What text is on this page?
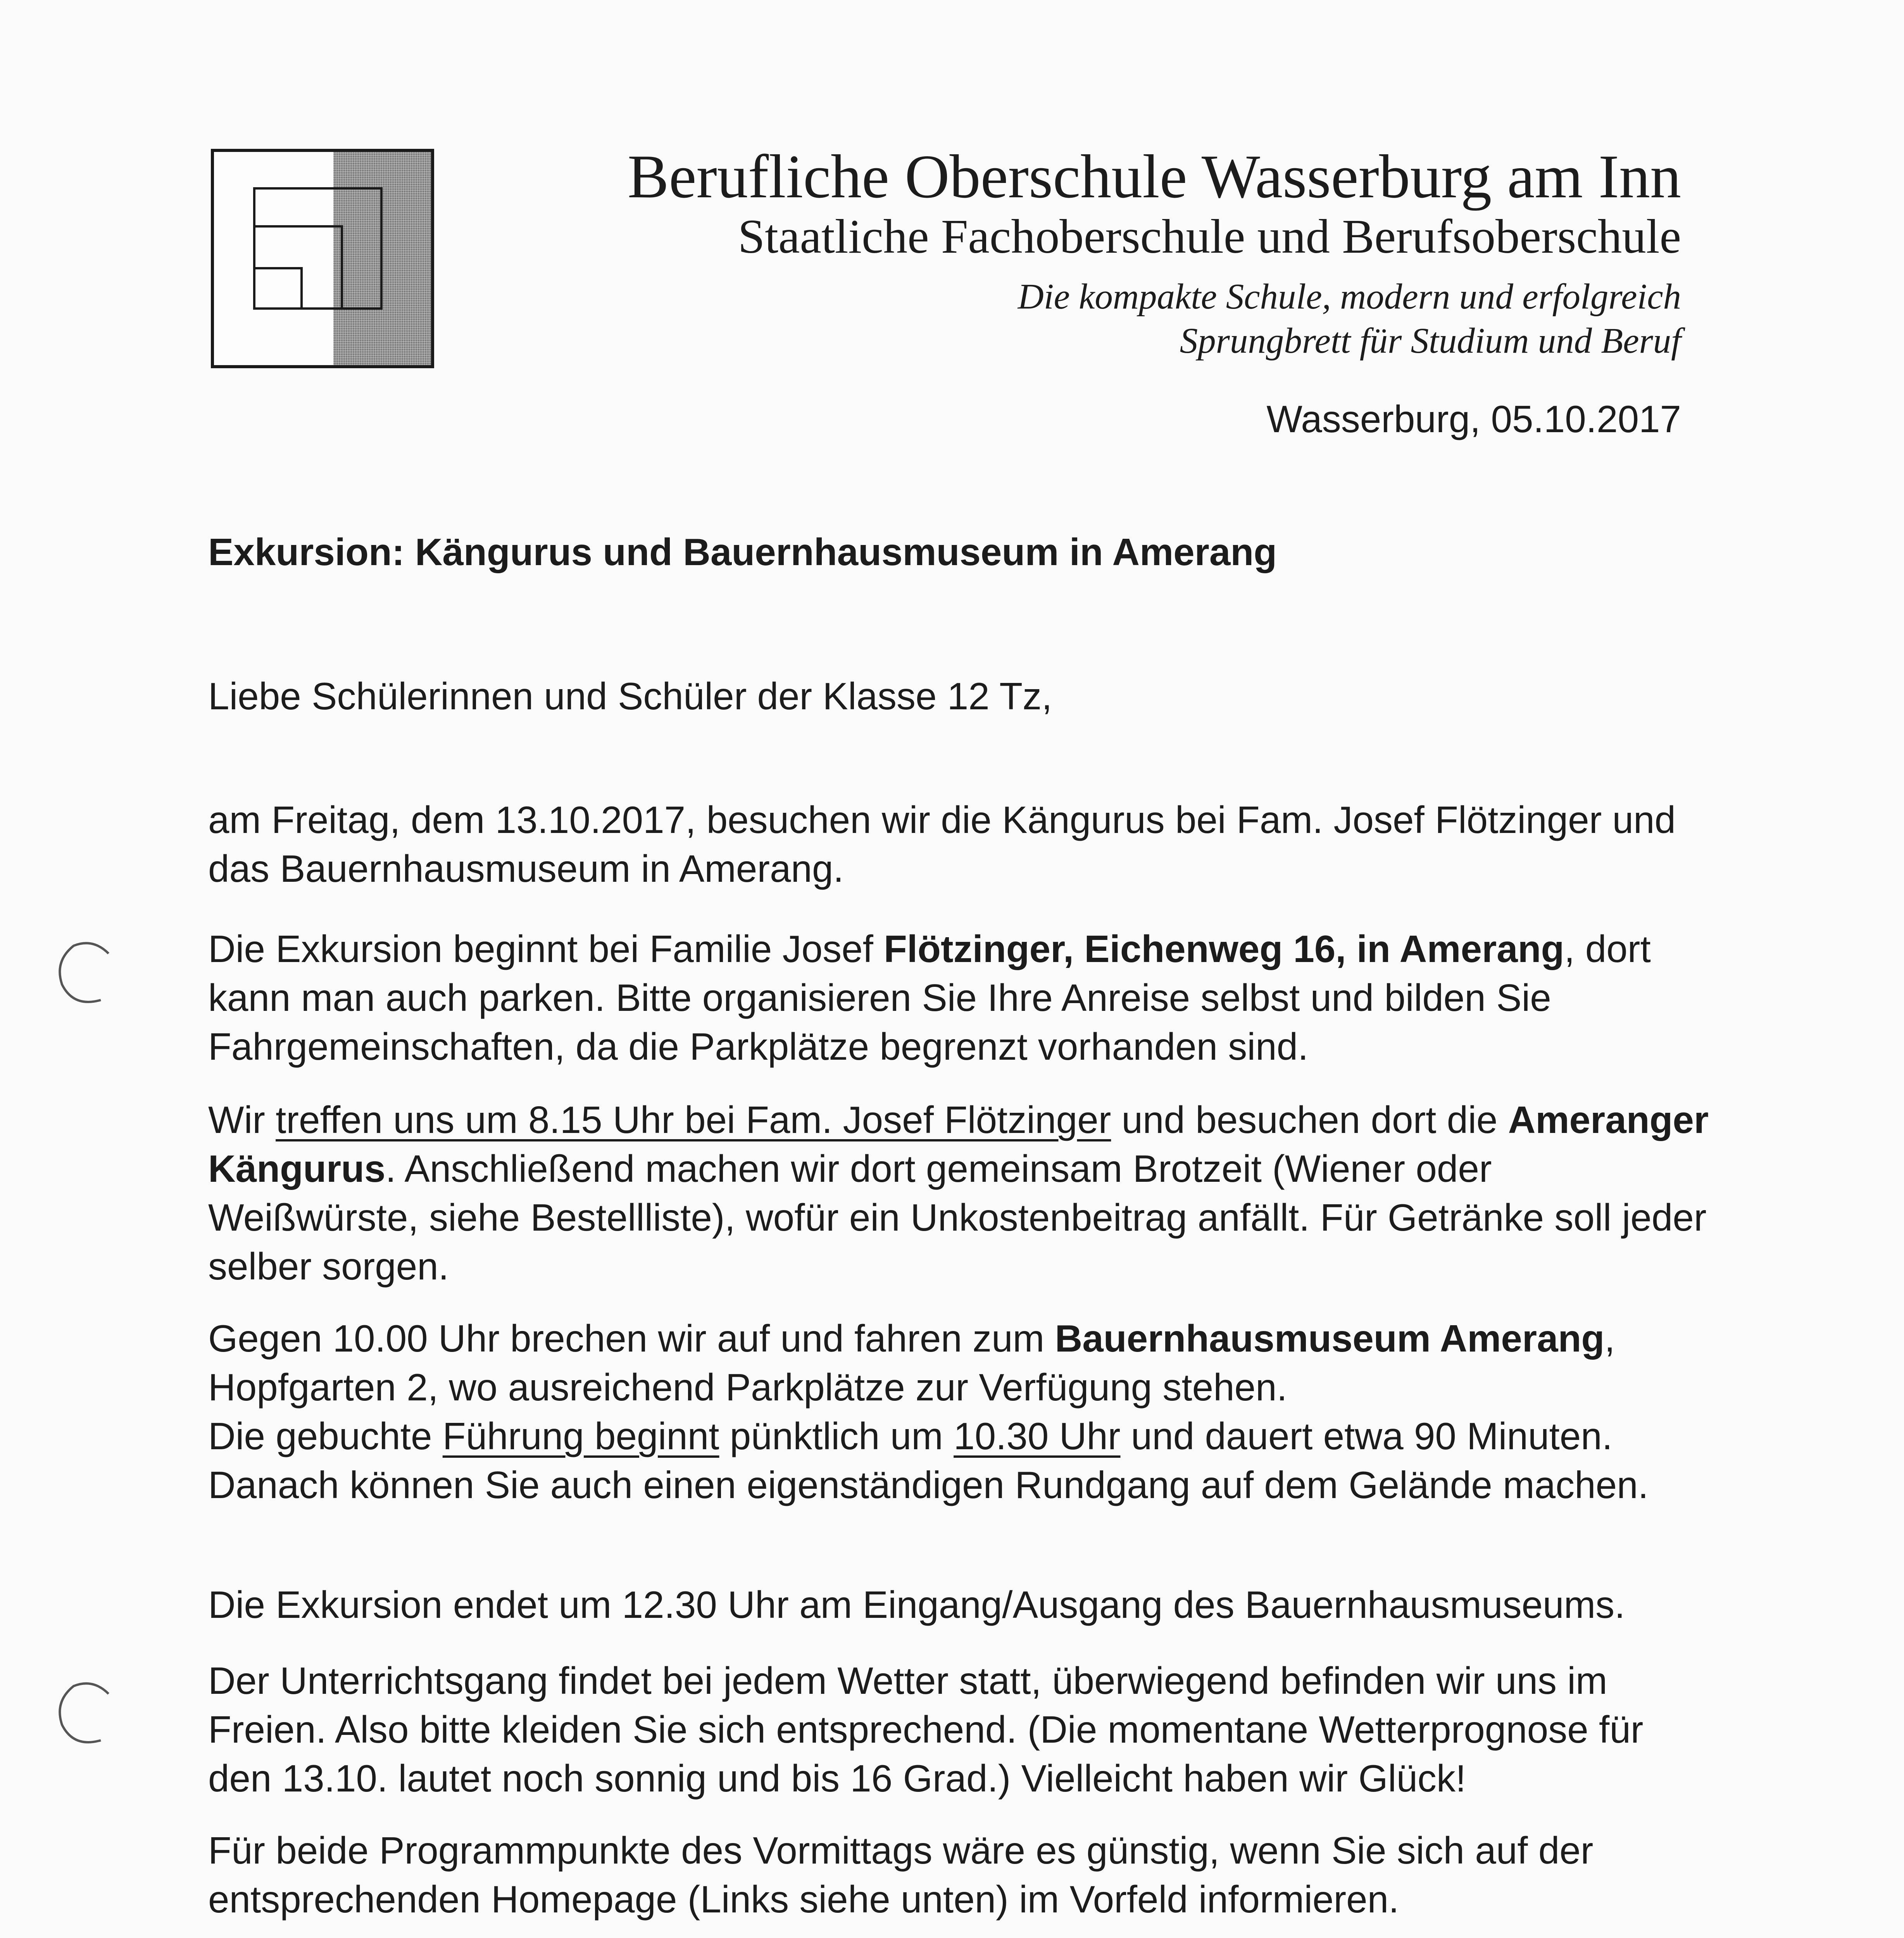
Berufliche Oberschule Wasserburg am Inn
Staatliche Fachoberschule und Berufsoberschule
Die kompakte Schule, modern und erfolgreich
Sprungbrett für Studium und Beruf
Wasserburg, 05.10.2017
Exkursion: Kängurus und Bauernhausmuseum in Amerang
Liebe Schülerinnen und Schüler der Klasse 12 Tz,

am Freitag, dem 13.10.2017, besuchen wir die Kängurus bei Fam. Josef Flötzinger und das Bauernhausmuseum in Amerang.

Die Exkursion beginnt bei Familie Josef Flötzinger, Eichenweg 16, in Amerang, dort kann man auch parken. Bitte organisieren Sie Ihre Anreise selbst und bilden Sie Fahrgemeinschaften, da die Parkplätze begrenzt vorhanden sind.

Wir treffen uns um 8.15 Uhr bei Fam. Josef Flötzinger und besuchen dort die Ameranger Kängurus. Anschließend machen wir dort gemeinsam Brotzeit (Wiener oder Weißwürste, siehe Bestellliste), wofür ein Unkostenbeitrag anfällt. Für Getränke soll jeder selber sorgen.

Gegen 10.00 Uhr brechen wir auf und fahren zum Bauernhausmuseum Amerang, Hopfgarten 2, wo ausreichend Parkplätze zur Verfügung stehen.

Die gebuchte Führung beginnt pünktlich um 10.30 Uhr und dauert etwa 90 Minuten. Danach können Sie auch einen eigenständigen Rundgang auf dem Gelände machen.

Die Exkursion endet um 12.30 Uhr am Eingang/Ausgang des Bauernhausmuseums.

Der Unterrichtsgang findet bei jedem Wetter statt, überwiegend befinden wir uns im Freien. Also bitte kleiden Sie sich entsprechend. (Die momentane Wetterprognose für den 13.10. lautet noch sonnig und bis 16 Grad.) Vielleicht haben wir Glück!

Für beide Programmpunkte des Vormittags wäre es günstig, wenn Sie sich auf der entsprechenden Homepage (Links siehe unten) im Vorfeld informieren.
